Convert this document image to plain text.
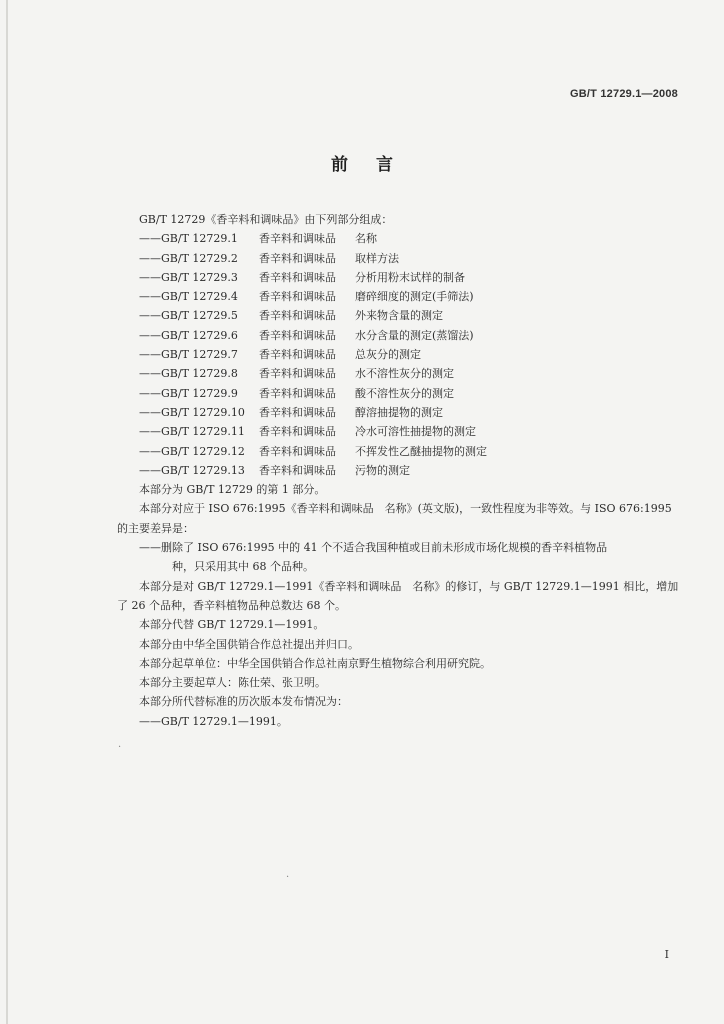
GB/T 12729.1—2008
前言

GB/T 12729《香辛料和调味品》由下列部分组成：

——GB/T 12729.1	香辛料和调味品	名称
——GB/T 12729.2	香辛料和调味品	取样方法
——GB/T 12729.3	香辛料和调味品	分析用粉末试样的制备
——GB/T 12729.4	香辛料和调味品	磨碎细度的测定(手筛法)
——GB/T 12729.5	香辛料和调味品	外来物含量的测定
——GB/T 12729.6	香辛料和调味品	水分含量的测定(蒸馏法)
——GB/T 12729.7	香辛料和调味品	总灰分的测定
——GB/T 12729.8	香辛料和调味品	水不溶性灰分的测定
——GB/T 12729.9	香辛料和调味品	酸不溶性灰分的测定
——GB/T 12729.10	香辛料和调味品	醇溶抽提物的测定
——GB/T 12729.11	香辛料和调味品	冷水可溶性抽提物的测定
——GB/T 12729.12	香辛料和调味品	不挥发性乙醚抽提物的测定
——GB/T 12729.13	香辛料和调味品	污物的测定

本部分为 GB/T 12729 的第 1 部分。

本部分对应于 ISO 676:1995《香辛料和调味品　名称》(英文版)，一致性程度为非等效。与 ISO 676:1995 的主要差异是：

——删除了 ISO 676:1995 中的 41 个不适合我国种植或目前未形成市场化规模的香辛料植物品
种，只采用其中 68 个品种。

本部分是对 GB/T 12729.1—1991《香辛料和调味品　名称》的修订，与 GB/T 12729.1—1991 相比，增加了 26 个品种，香辛料植物品种总数达 68 个。

本部分代替 GB/T 12729.1—1991。

本部分由中华全国供销合作总社提出并归口。

本部分起草单位：中华全国供销合作总社南京野生植物综合利用研究院。

本部分主要起草人：陈仕荣、张卫明。

本部分所代替标准的历次版本发布情况为：

——GB/T 12729.1—1991。

·
·
I
